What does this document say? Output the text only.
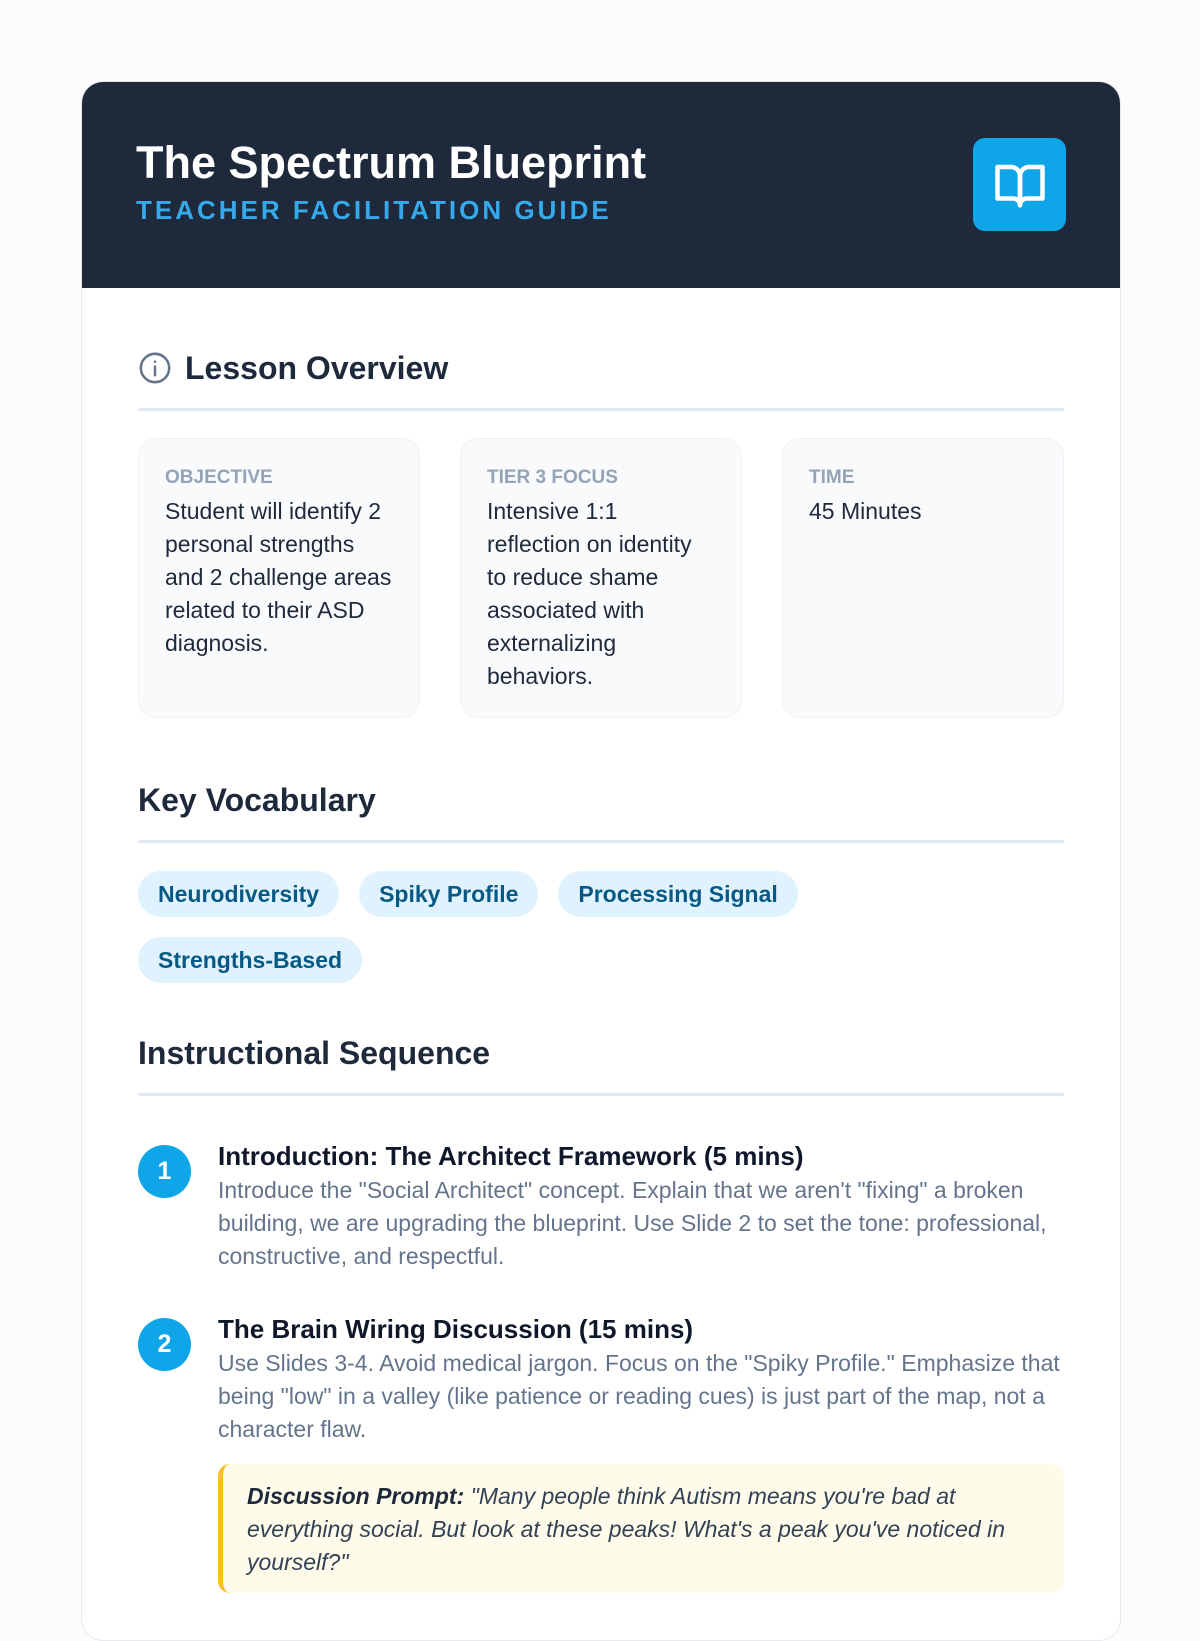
The Spectrum Blueprint
TEACHER FACILITATION GUIDE
Lesson Overview
OBJECTIVE
Student will identify 2 personal strengths and 2 challenge areas related to their ASD diagnosis.
TIER 3 FOCUS
Intensive 1:1 reflection on identity to reduce shame associated with externalizing behaviors.
TIME
45 Minutes
Key Vocabulary
Neurodiversity	Spiky Profile	Processing Signal
Strengths-Based
Instructional Sequence
1	Introduction: The Architect Framework (5 mins)
Introduce the "Social Architect" concept. Explain that we aren't "fixing" a broken building, we are upgrading the blueprint. Use Slide 2 to set the tone: professional, constructive, and respectful.
2	The Brain Wiring Discussion (15 mins)
Use Slides 3-4. Avoid medical jargon. Focus on the "Spiky Profile." Emphasize that being "low" in a valley (like patience or reading cues) is just part of the map, not a character flaw.
Discussion Prompt: "Many people think Autism means you're bad at everything social. But look at these peaks! What's a peak you've noticed in yourself?"
